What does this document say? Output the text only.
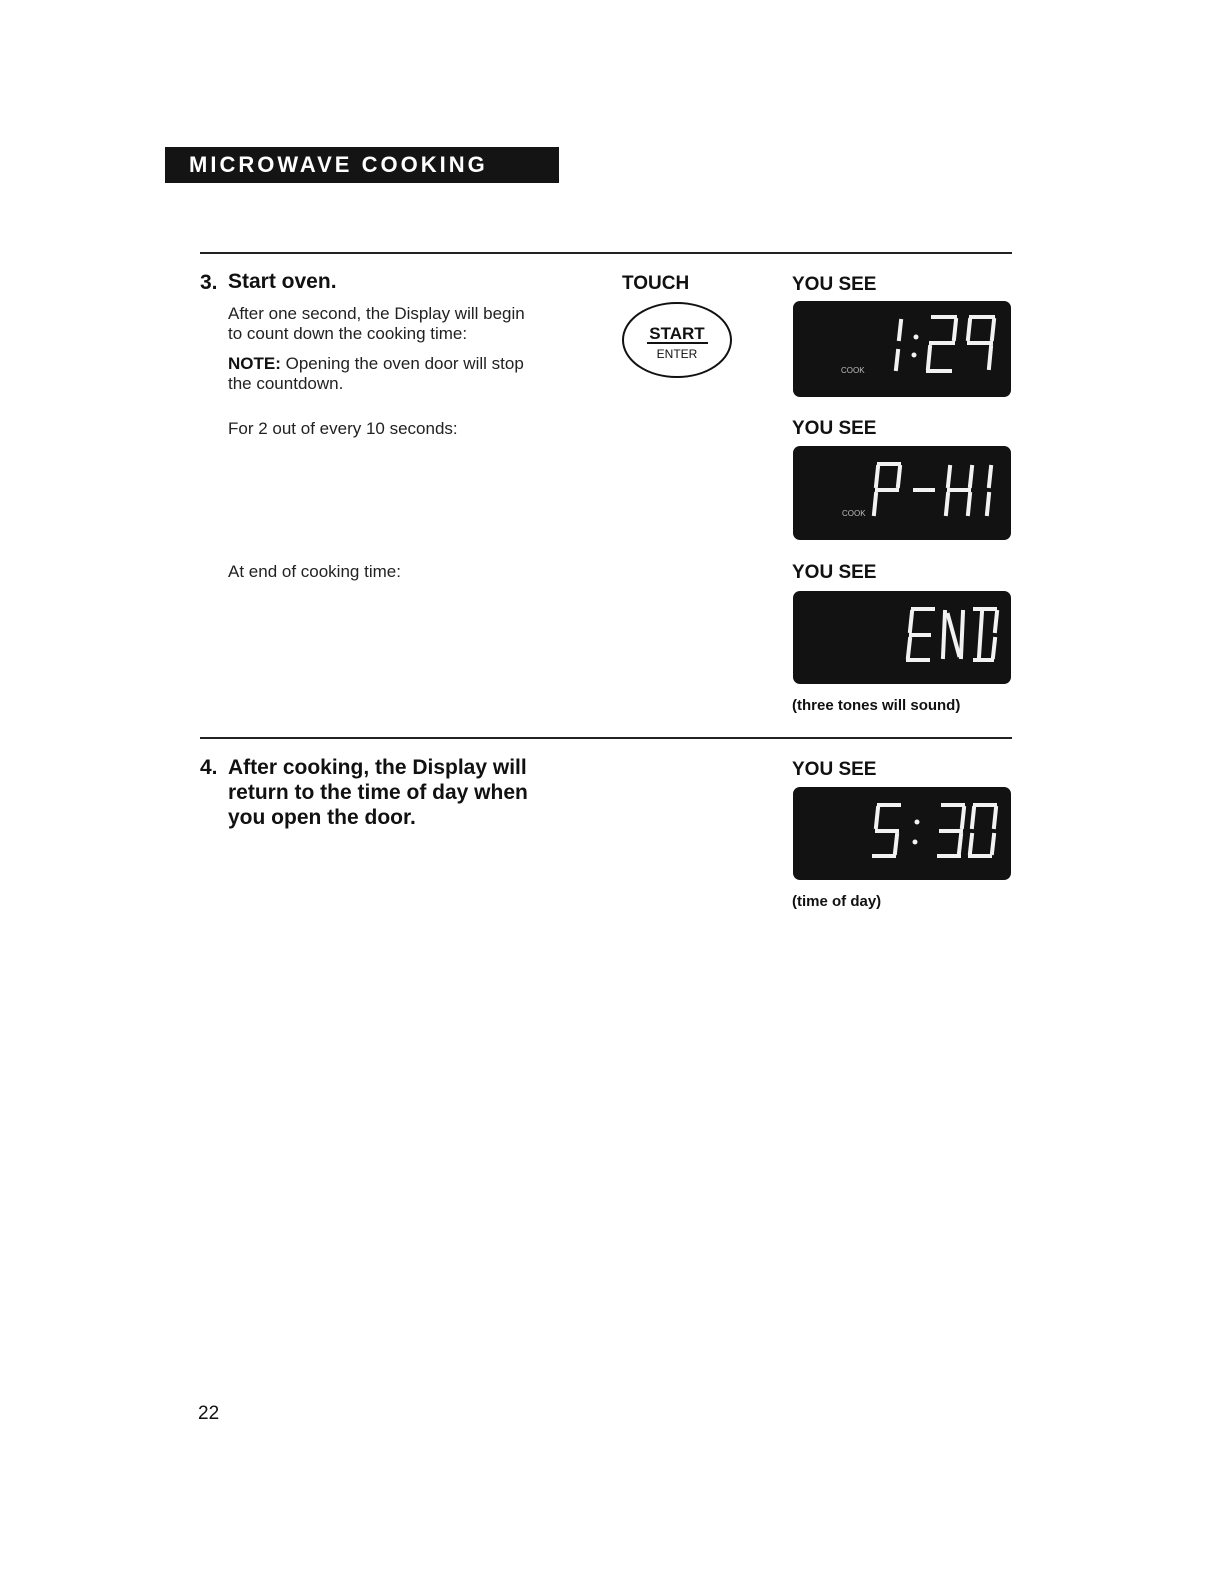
MICROWAVE COOKING
3. Start oven.
After one second, the Display will begin
to count down the cooking time:
NOTE: Opening the oven door will stop
the countdown.
For 2 out of every 10 seconds:
At end of cooking time:
TOUCH
START
ENTER
YOU SEE
COOK
YOU SEE
COOK
YOU SEE
(three tones will sound)
4. After cooking, the Display will
return to the time of day when
you open the door.
YOU SEE
(time of day)
22
